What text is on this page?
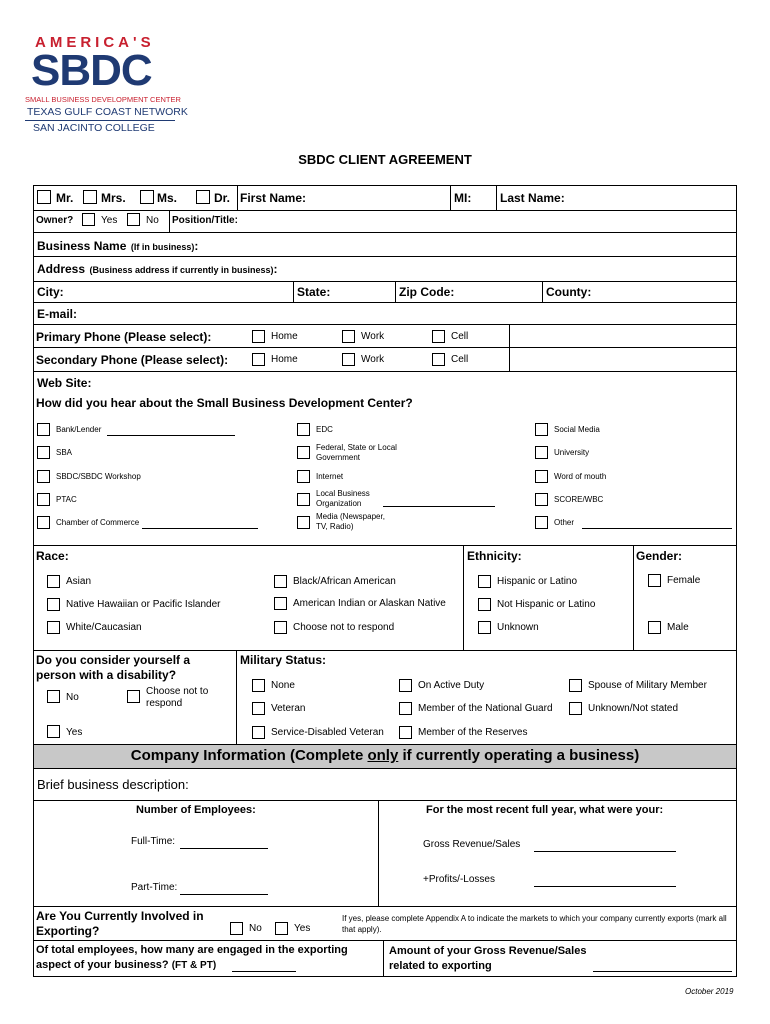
AMERICA'S
SBDC
SMALL BUSINESS DEVELOPMENT CENTER
TEXAS GULF COAST NETWORK
SAN JACINTO COLLEGE
SBDC CLIENT AGREEMENT
Mr. Mrs.	Ms.	Dr. First Name:	MI: Last Name:
Owner?	Yes	No Position/Title:
Business Name (If in business):
Address (Business address if currently in business):
City:	State:	Zip Code:	County:
E-mail:
Primary Phone (Please select):	Home	Work	Cell
Secondary Phone (Please select):	Home	Work	Cell
Web Site:
How did you hear about the Small Business Development Center?
Bank/Lender
SBA
SBDC/SBDC Workshop
PTAC
Chamber of Commerce
EDC
Federal, State or Local Government
Internet
Local Business Organization
Media (Newspaper, TV, Radio)
Social Media
University
Word of mouth
SCORE/WBC
Other
Race:	Ethnicity:	Gender:
Asian	Black/African American	Hispanic or Latino	Female
Native Hawaiian or Pacific Islander	American Indian or Alaskan Native	Not Hispanic or Latino
White/Caucasian	Choose not to respond	Unknown	Male
Do you consider yourself a person with a disability?
No
Choose not to respond
Yes
Military Status:
None	On Active Duty	Spouse of Military Member
Veteran	Member of the National Guard	Unknown/Not stated
Service-Disabled Veteran	Member of the Reserves
Company Information (Complete only if currently operating a business)
Brief business description:
Number of Employees:
Full-Time:
Part-Time:
For the most recent full year, what were your:
Gross Revenue/Sales
+Profits/-Losses
Are You Currently Involved in Exporting?	No	Yes
If yes, please complete Appendix A to indicate the markets to which your company currently exports (mark all that apply).
Of total employees, how many are engaged in the exporting
aspect of your business? (FT & PT)
Amount of your Gross Revenue/Sales related to exporting
October 2019
